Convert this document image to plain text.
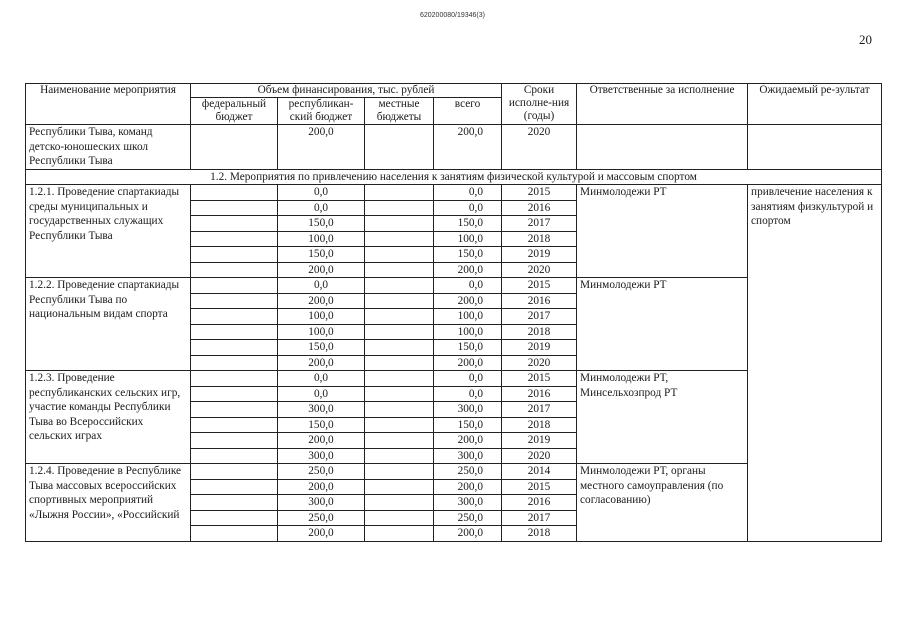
620200080/19346(3)
20
Наименование мероприятия	Объем финансирования, тыс. рублей				Сроки исполне-ния (годы)	Ответственные за исполнение	Ожидаемый ре-зультат
	федеральный бюджет	республикан-ский бюджет	местные бюджеты	всего			
Республики Тыва, команд детско-юношеских школ Республики Тыва		200,0		200,0	2020		
1.2. Мероприятия по привлечению населения к занятиям физической культурой и массовым спортом							
1.2.1. Проведение спартакиады среды муниципальных и государственных служащих Республики Тыва		0,0		0,0	2015	Минмолодежи РТ	привлечение населения к занятиям физкультурой и спортом
		0,0		0,0	2016		
		150,0		150,0	2017		
		100,0		100,0	2018		
		150,0		150,0	2019		
		200,0		200,0	2020		
1.2.2. Проведение спартакиады Республики Тыва по национальным видам спорта		0,0		0,0	2015	Минмолодежи РТ	
		200,0		200,0	2016		
		100,0		100,0	2017		
		100,0		100,0	2018		
		150,0		150,0	2019		
		200,0		200,0	2020		
1.2.3. Проведение республиканских сельских игр, участие команды Республики Тыва во Всероссийских сельских играх		0,0		0,0	2015	Минмолодежи РТ, Минсельхозпрод РТ	
		0,0		0,0	2016		
		300,0		300,0	2017		
		150,0		150,0	2018		
		200,0		200,0	2019		
		300,0		300,0	2020		
1.2.4. Проведение в Республике Тыва массовых всероссийских спортивных мероприятий «Лыжня России», «Российский		250,0		250,0	2014	Минмолодежи РТ, органы местного самоуправления (по согласованию)	
		200,0		200,0	2015		
		300,0		300,0	2016		
		250,0		250,0	2017		
		200,0		200,0	2018		
